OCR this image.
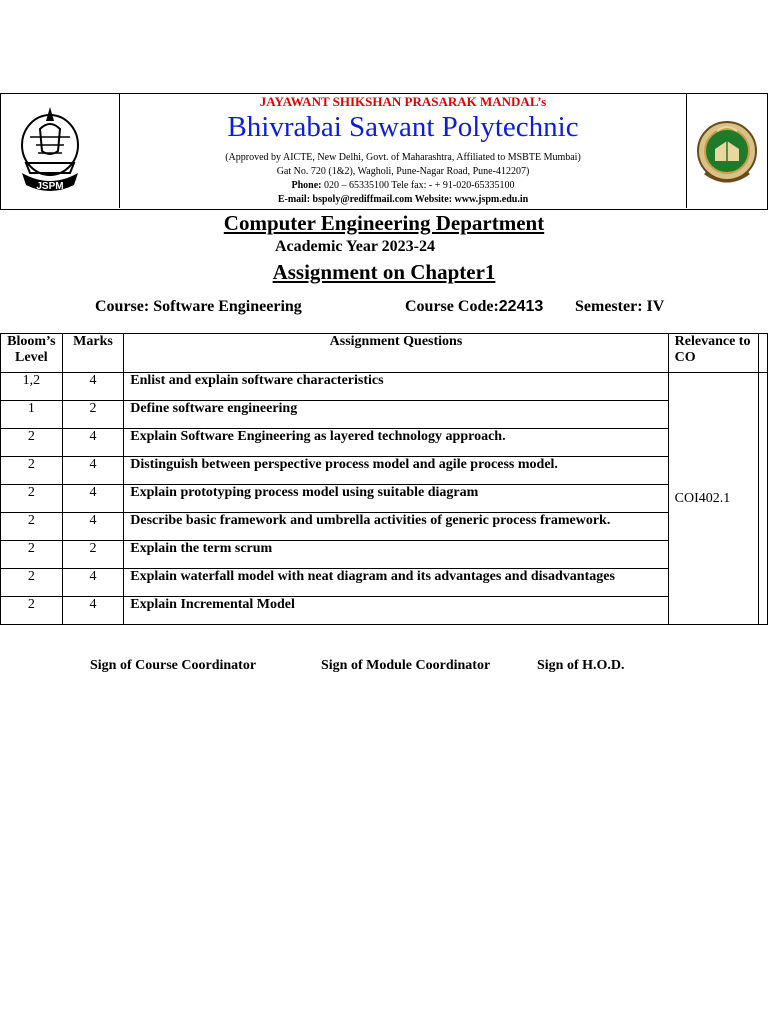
JSPM
JAYAWANT SHIKSHAN PRASARAK MANDAL’s
Bhivrabai Sawant Polytechnic
(Approved by AICTE, New Delhi, Govt. of Maharashtra, Affiliated to MSBTE Mumbai)
Gat No. 720 (1&2), Wagholi, Pune-Nagar Road, Pune-412207)
Phone: 020 – 65335100 Tele fax: - + 91-020-65335100
E-mail: bspoly@rediffmail.com Website: www.jspm.edu.in
Computer Engineering Department
Academic Year 2023-24
Assignment on Chapter1
Course: Software Engineering	Course Code:22413 Semester: IV
Bloom’s Level	Marks	Assignment Questions	Relevance to CO	
1,2	4	Enlist and explain software characteristics	COI402.1	
1	2	Define software engineering		
2	4	Explain Software Engineering as layered technology approach.		
2	4	Distinguish between perspective process model and agile process model.		
2	4	Explain prototyping process model using suitable diagram		
2	4	Describe basic framework and umbrella activities of generic process framework.		
2	2	Explain the term scrum		
2	4	Explain waterfall model with neat diagram and its advantages and disadvantages		
2	4	Explain Incremental Model		
Sign of Course Coordinator	Sign of Module Coordinator	Sign of H.O.D.
